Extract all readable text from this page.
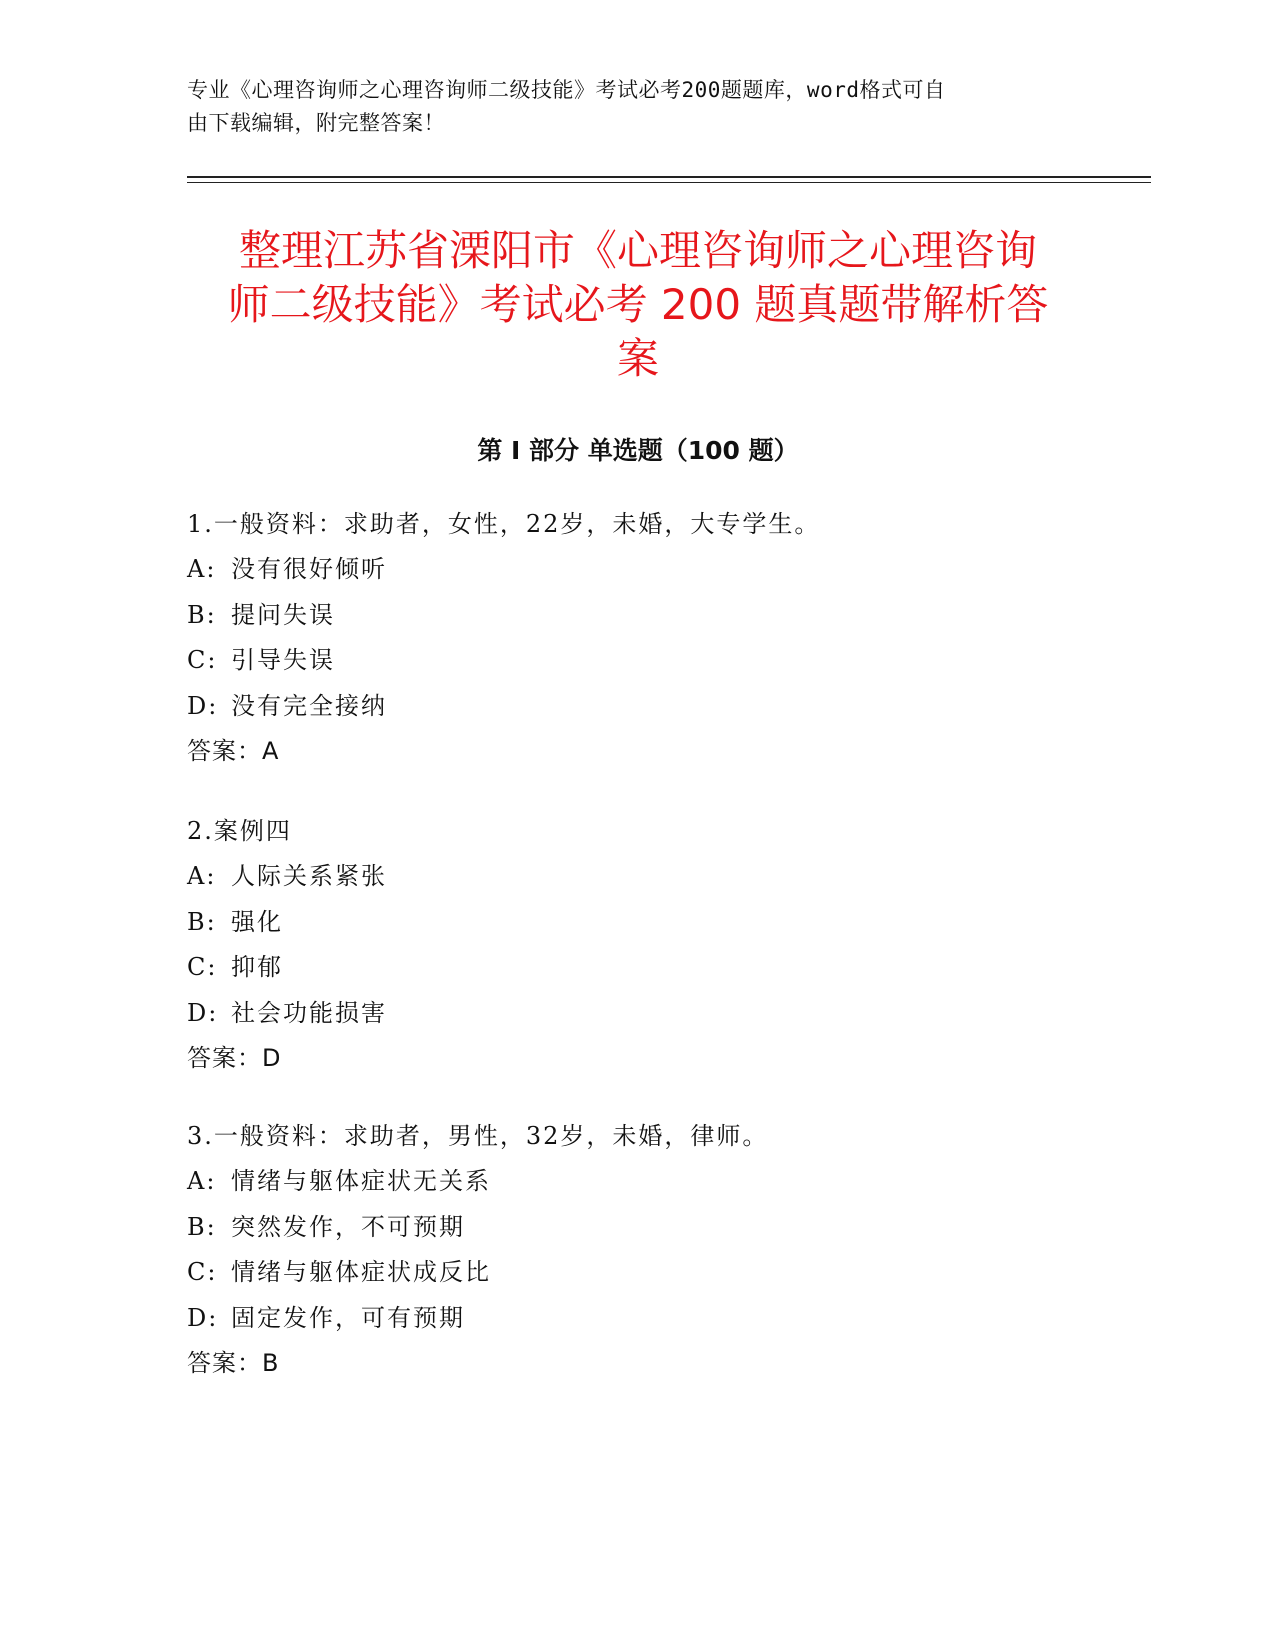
专业《心理咨询师之心理咨询师二级技能》考试必考200题题库，word格式可自
由下载编辑，附完整答案！
整理江苏省溧阳市《心理咨询师之心理咨询
师二级技能》考试必考 200 题真题带解析答
案
第 I 部分 单选题（100 题）
1.一般资料：求助者，女性，22岁，未婚，大专学生。
A: 没有很好倾听
B: 提问失误
C: 引导失误
D: 没有完全接纳
答案：A
2.案例四
A: 人际关系紧张
B: 强化
C: 抑郁
D: 社会功能损害
答案：D
3.一般资料：求助者，男性，32岁，未婚，律师。
A: 情绪与躯体症状无关系
B: 突然发作，不可预期
C: 情绪与躯体症状成反比
D: 固定发作，可有预期
答案：B
